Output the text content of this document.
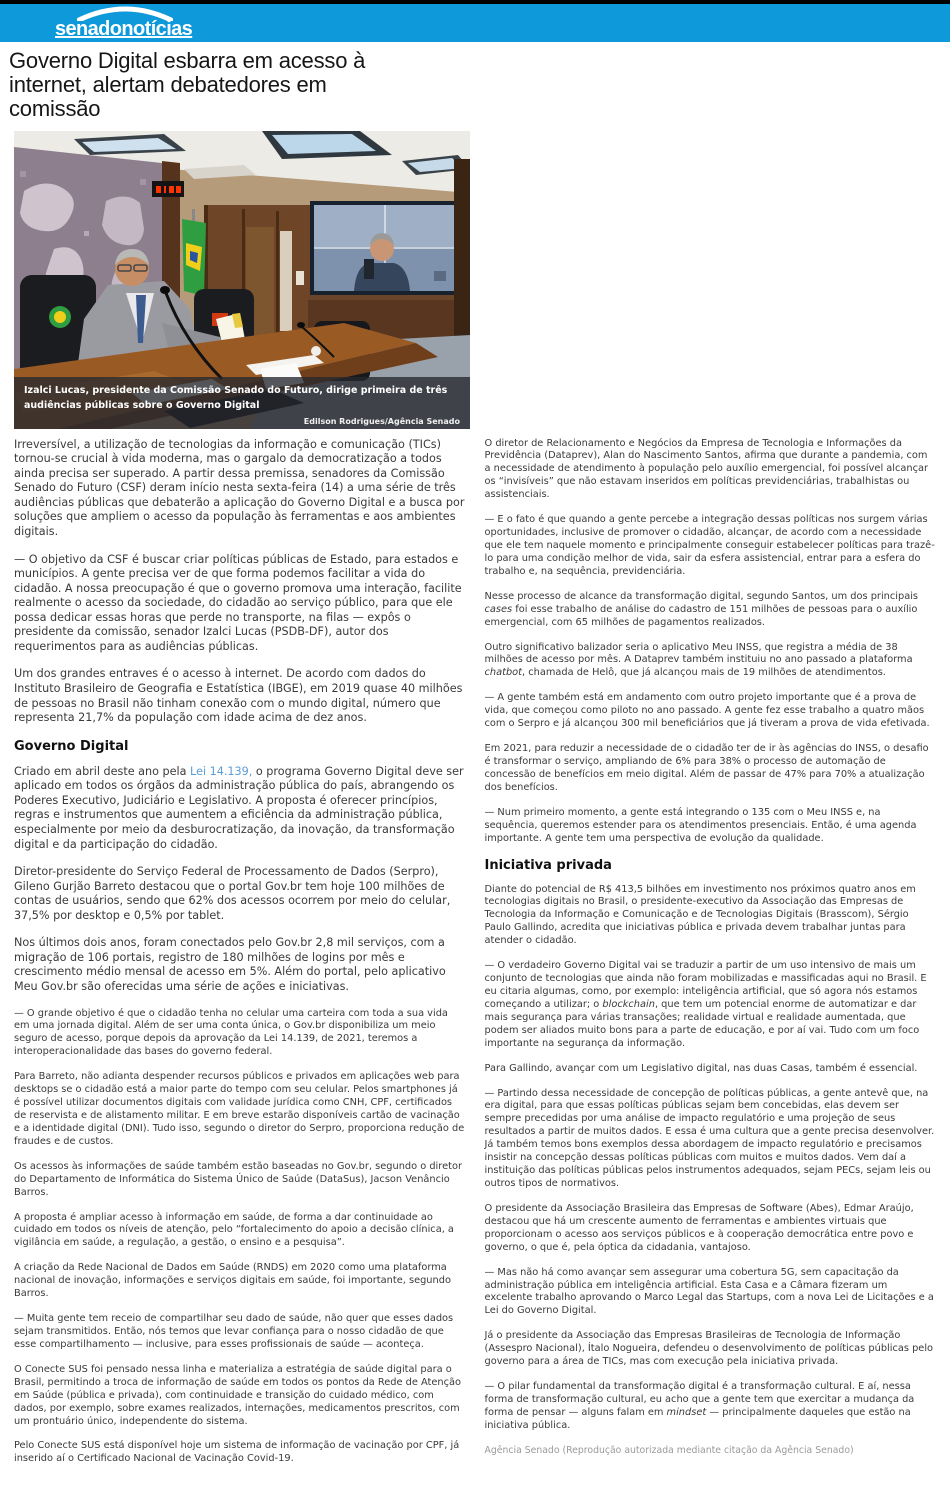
senadonotícias
Governo Digital esbarra em acesso à internet, alertam debatedores em comissão
Izalci Lucas, presidente da Comissão Senado do Futuro, dirige primeira de três audiências públicas sobre o Governo Digital
Edilson Rodrigues/Agência Senado

Irreversível, a utilização de tecnologias da informação e comunicação (TICs) tornou-se crucial à vida moderna, mas o gargalo da democratização a todos ainda precisa ser superado. A partir dessa premissa, senadores da Comissão Senado do Futuro (CSF) deram início nesta sexta-feira (14) a uma série de três audiências públicas que debaterão a aplicação do Governo Digital e a busca por soluções que ampliem o acesso da população às ferramentas e aos ambientes digitais.

— O objetivo da CSF é buscar criar políticas públicas de Estado, para estados e municípios. A gente precisa ver de que forma podemos facilitar a vida do cidadão. A nossa preocupação é que o governo promova uma interação, facilite realmente o acesso da sociedade, do cidadão ao serviço público, para que ele possa dedicar essas horas que perde no transporte, na filas — expôs o presidente da comissão, senador Izalci Lucas (PSDB-DF), autor dos requerimentos para as audiências públicas.

Um dos grandes entraves é o acesso à internet. De acordo com dados do Instituto Brasileiro de Geografia e Estatística (IBGE), em 2019 quase 40 milhões de pessoas no Brasil não tinham conexão com o mundo digital, número que representa 21,7% da população com idade acima de dez anos.

Governo Digital

Criado em abril deste ano pela Lei 14.139, o programa Governo Digital deve ser aplicado em todos os órgãos da administração pública do país, abrangendo os Poderes Executivo, Judiciário e Legislativo. A proposta é oferecer princípios, regras e instrumentos que aumentem a eficiência da administração pública, especialmente por meio da desburocratização, da inovação, da transformação digital e da participação do cidadão.

Diretor-presidente do Serviço Federal de Processamento de Dados (Serpro), Gileno Gurjão Barreto destacou que o portal Gov.br tem hoje 100 milhões de contas de usuários, sendo que 62% dos acessos ocorrem por meio do celular, 37,5% por desktop e 0,5% por tablet.

Nos últimos dois anos, foram conectados pelo Gov.br 2,8 mil serviços, com a migração de 106 portais, registro de 180 milhões de logins por mês e crescimento médio mensal de acesso em 5%. Além do portal, pelo aplicativo Meu Gov.br são oferecidas uma série de ações e iniciativas.

— O grande objetivo é que o cidadão tenha no celular uma carteira com toda a sua vida em uma jornada digital. Além de ser uma conta única, o Gov.br disponibiliza um meio seguro de acesso, porque depois da aprovação da Lei 14.139, de 2021, teremos a interoperacionalidade das bases do governo federal.

Para Barreto, não adianta despender recursos públicos e privados em aplicações web para desktops se o cidadão está a maior parte do tempo com seu celular. Pelos smartphones já é possível utilizar documentos digitais com validade jurídica como CNH, CPF, certificados de reservista e de alistamento militar. E em breve estarão disponíveis cartão de vacinação e a identidade digital (DNI). Tudo isso, segundo o diretor do Serpro, proporciona redução de fraudes e de custos.

Os acessos às informações de saúde também estão baseadas no Gov.br, segundo o diretor do Departamento de Informática do Sistema Único de Saúde (DataSus), Jacson Venâncio Barros.

A proposta é ampliar acesso à informação em saúde, de forma a dar continuidade ao cuidado em todos os níveis de atenção, pelo “fortalecimento do apoio a decisão clínica, a vigilância em saúde, a regulação, a gestão, o ensino e a pesquisa”.

A criação da Rede Nacional de Dados em Saúde (RNDS) em 2020 como uma plataforma nacional de inovação, informações e serviços digitais em saúde, foi importante, segundo Barros.

— Muita gente tem receio de compartilhar seu dado de saúde, não quer que esses dados sejam transmitidos. Então, nós temos que levar confiança para o nosso cidadão de que esse compartilhamento — inclusive, para esses profissionais de saúde — aconteça.

O Conecte SUS foi pensado nessa linha e materializa a estratégia de saúde digital para o Brasil, permitindo a troca de informação de saúde em todos os pontos da Rede de Atenção em Saúde (pública e privada), com continuidade e transição do cuidado médico, com dados, por exemplo, sobre exames realizados, internações, medicamentos prescritos, com um prontuário único, independente do sistema.

Pelo Conecte SUS está disponível hoje um sistema de informação de vacinação por CPF, já inserido aí o Certificado Nacional de Vacinação Covid-19.

O diretor de Relacionamento e Negócios da Empresa de Tecnologia e Informações da Previdência (Dataprev), Alan do Nascimento Santos, afirma que durante a pandemia, com a necessidade de atendimento à população pelo auxílio emergencial, foi possível alcançar os “invisíveis” que não estavam inseridos em políticas previdenciárias, trabalhistas ou assistenciais.

— E o fato é que quando a gente percebe a integração dessas políticas nos surgem várias oportunidades, inclusive de promover o cidadão, alcançar, de acordo com a necessidade que ele tem naquele momento e principalmente conseguir estabelecer políticas para trazê-lo para uma condição melhor de vida, sair da esfera assistencial, entrar para a esfera do trabalho e, na sequência, previdenciária.

Nesse processo de alcance da transformação digital, segundo Santos, um dos principais cases foi esse trabalho de análise do cadastro de 151 milhões de pessoas para o auxílio emergencial, com 65 milhões de pagamentos realizados.

Outro significativo balizador seria o aplicativo Meu INSS, que registra a média de 38 milhões de acesso por mês. A Dataprev também instituiu no ano passado a plataforma chatbot, chamada de Helô, que já alcançou mais de 19 milhões de atendimentos.

— A gente também está em andamento com outro projeto importante que é a prova de vida, que começou como piloto no ano passado. A gente fez esse trabalho a quatro mãos com o Serpro e já alcançou 300 mil beneficiários que já tiveram a prova de vida efetivada.

Em 2021, para reduzir a necessidade de o cidadão ter de ir às agências do INSS, o desafio é transformar o serviço, ampliando de 6% para 38% o processo de automação de concessão de benefícios em meio digital. Além de passar de 47% para 70% a atualização dos benefícios.

— Num primeiro momento, a gente está integrando o 135 com o Meu INSS e, na sequência, queremos estender para os atendimentos presenciais. Então, é uma agenda importante. A gente tem uma perspectiva de evolução da qualidade.

Iniciativa privada

Diante do potencial de R$ 413,5 bilhões em investimento nos próximos quatro anos em tecnologias digitais no Brasil, o presidente-executivo da Associação das Empresas de Tecnologia da Informação e Comunicação e de Tecnologias Digitais (Brasscom), Sérgio Paulo Gallindo, acredita que iniciativas pública e privada devem trabalhar juntas para atender o cidadão.

— O verdadeiro Governo Digital vai se traduzir a partir de um uso intensivo de mais um conjunto de tecnologias que ainda não foram mobilizadas e massificadas aqui no Brasil. E eu citaria algumas, como, por exemplo: inteligência artificial, que só agora nós estamos começando a utilizar; o blockchain, que tem um potencial enorme de automatizar e dar mais segurança para várias transações; realidade virtual e realidade aumentada, que podem ser aliados muito bons para a parte de educação, e por aí vai. Tudo com um foco importante na segurança da informação.

Para Gallindo, avançar com um Legislativo digital, nas duas Casas, também é essencial.

— Partindo dessa necessidade de concepção de políticas públicas, a gente antevê que, na era digital, para que essas políticas públicas sejam bem concebidas, elas devem ser sempre precedidas por uma análise de impacto regulatório e uma projeção de seus resultados a partir de muitos dados. E essa é uma cultura que a gente precisa desenvolver. Já também temos bons exemplos dessa abordagem de impacto regulatório e precisamos insistir na concepção dessas políticas públicas com muitos e muitos dados. Vem daí a instituição das políticas públicas pelos instrumentos adequados, sejam PECs, sejam leis ou outros tipos de normativos.

O presidente da Associação Brasileira das Empresas de Software (Abes), Edmar Araújo, destacou que há um crescente aumento de ferramentas e ambientes virtuais que proporcionam o acesso aos serviços públicos e à cooperação democrática entre povo e governo, o que é, pela óptica da cidadania, vantajoso.

— Mas não há como avançar sem assegurar uma cobertura 5G, sem capacitação da administração pública em inteligência artificial. Esta Casa e a Câmara fizeram um excelente trabalho aprovando o Marco Legal das Startups, com a nova Lei de Licitações e a Lei do Governo Digital.

Já o presidente da Associação das Empresas Brasileiras de Tecnologia de Informação (Assespro Nacional), Ítalo Nogueira, defendeu o desenvolvimento de políticas públicas pelo governo para a área de TICs, mas com execução pela iniciativa privada.

— O pilar fundamental da transformação digital é a transformação cultural. E aí, nessa forma de transformação cultural, eu acho que a gente tem que exercitar a mudança da forma de pensar — alguns falam em mindset — principalmente daqueles que estão na iniciativa pública.

Agência Senado (Reprodução autorizada mediante citação da Agência Senado)
